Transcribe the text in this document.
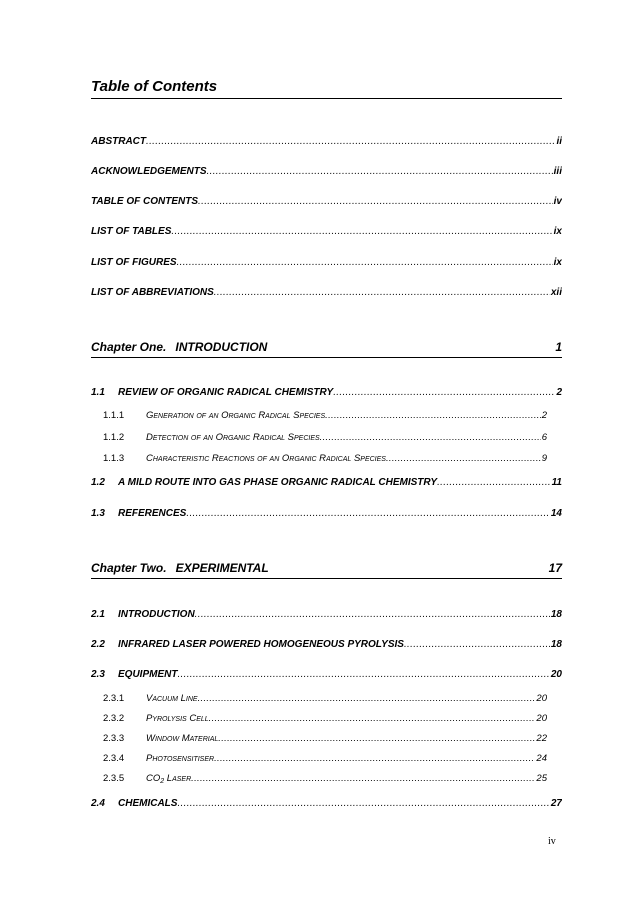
Table of Contents
ABSTRACT .....	ii
ACKNOWLEDGEMENTS .....	iii
TABLE OF CONTENTS .....	iv
LIST OF TABLES .....	ix
LIST OF FIGURES .....	ix
LIST OF ABBREVIATIONS .....	xii
Chapter One. INTRODUCTION	1
1.1	REVIEW OF ORGANIC RADICAL CHEMISTRY .....	2
1.1.1	Generation of an Organic Radical Species .....	2
1.1.2	Detection of an Organic Radical Species .....	6
1.1.3	Characteristic Reactions of an Organic Radical Species .....	9
1.2	A MILD ROUTE INTO GAS PHASE ORGANIC RADICAL CHEMISTRY .....	11
1.3	REFERENCES .....	14
Chapter Two. EXPERIMENTAL	17
2.1	INTRODUCTION .....	18
2.2	INFRARED LASER POWERED HOMOGENEOUS PYROLYSIS .....	18
2.3	EQUIPMENT .....	20
2.3.1	Vacuum Line .....	20
2.3.2	Pyrolysis Cell .....	20
2.3.3	Window Material .....	22
2.3.4	Photosensitiser .....	24
2.3.5	$CO_2$ Laser .....	25
2.4	CHEMICALS .....	27
iv
